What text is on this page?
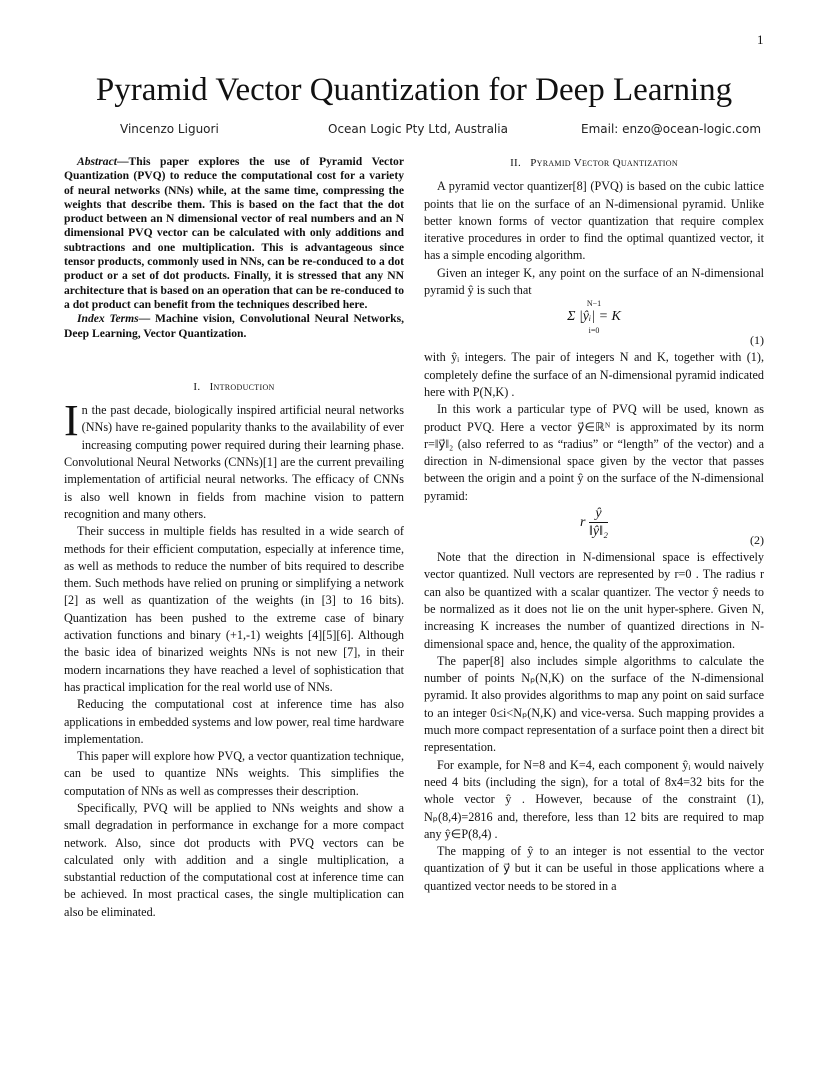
1
Pyramid Vector Quantization for Deep Learning
Vincenzo Liguori	Ocean Logic Pty Ltd, Australia	Email: enzo@ocean-logic.com

Abstract—This paper explores the use of Pyramid Vector Quantization (PVQ) to reduce the computational cost for a variety of neural networks (NNs) while, at the same time, compressing the weights that describe them. This is based on the fact that the dot product between an N dimensional vector of real numbers and an N dimensional PVQ vector can be calculated with only additions and subtractions and one multiplication. This is advantageous since tensor products, commonly used in NNs, can be re-conduced to a dot product or a set of dot products. Finally, it is stressed that any NN architecture that is based on an operation that can be re-conduced to a dot product can benefit from the techniques described here.

Index Terms— Machine vision, Convolutional Neural Networks, Deep Learning, Vector Quantization.

I. Introduction

In the past decade, biologically inspired artificial neural networks (NNs) have re-gained popularity thanks to the availability of ever increasing computing power required during their learning phase. Convolutional Neural Networks (CNNs)[1] are the current prevailing implementation of artificial neural networks. The efficacy of CNNs is also well known in fields from machine vision to pattern recognition and many others.

Their success in multiple fields has resulted in a wide search of methods for their efficient computation, especially at inference time, as well as methods to reduce the number of bits required to describe them. Such methods have relied on pruning or simplifying a network [2] as well as quantization of the weights (in [3] to 16 bits). Quantization has been pushed to the extreme case of binary activation functions and binary (+1,-1) weights [4][5][6]. Although the basic idea of binarized weights NNs is not new [7], in their modern incarnations they have reached a level of sophistication that has practical implication for the real world use of NNs.

Reducing the computational cost at inference time has also applications in embedded systems and low power, real time hardware implementation.

This paper will explore how PVQ, a vector quantization technique, can be used to quantize NNs weights. This simplifies the computation of NNs as well as compresses their description.

Specifically, PVQ will be applied to NNs weights and show a small degradation in performance in exchange for a more compact network. Also, since dot products with PVQ vectors can be calculated only with addition and a single multiplication, a substantial reduction of the computational cost at inference time can be achieved. In most practical cases, the single multiplication can also be eliminated.

II. Pyramid Vector Quantization

A pyramid vector quantizer[8] (PVQ) is based on the cubic lattice points that lie on the surface of an N-dimensional pyramid. Unlike better known forms of vector quantization that require complex iterative procedures in order to find the optimal quantized vector, it has a simple encoding algorithm.

Given an integer K, any point on the surface of an N-dimensional pyramid ŷ is such that

N−1
Σ |ŷᵢ| = K
i=0
(1)

with ŷᵢ integers. The pair of integers N and K, together with (1), completely define the surface of an N-dimensional pyramid indicated here with P(N,K) .

In this work a particular type of PVQ will be used, known as product PVQ. Here a vector y⃗∈ℝᴺ is approximated by its norm r=‖y⃗‖₂ (also referred to as “radius” or “length” of the vector) and a direction in N-dimensional space given by the vector that passes between the origin and a point ŷ on the surface of the N-dimensional pyramid:

r $\frac{ŷ}{\text{‖ŷ‖₂}}$	(2)

Note that the direction in N-dimensional space is effectively vector quantized. Null vectors are represented by r=0 . The radius r can also be quantized with a scalar quantizer. The vector ŷ needs to be normalized as it does not lie on the unit hyper-sphere. Given N, increasing K increases the number of quantized directions in N-dimensional space and, hence, the quality of the approximation.

The paper[8] also includes simple algorithms to calculate the number of points Nₚ(N,K) on the surface of the N-dimensional pyramid. It also provides algorithms to map any point on said surface to an integer 0≤i<Nₚ(N,K) and vice-versa. Such mapping provides a much more compact representation of a surface point then a direct bit representation.

For example, for N=8 and K=4, each component ŷᵢ would naively need 4 bits (including the sign), for a total of 8x4=32 bits for the whole vector ŷ . However, because of the constraint (1), Nₚ(8,4)=2816 and, therefore, less than 12 bits are required to map any ŷ∈P(8,4) .

The mapping of ŷ to an integer is not essential to the vector quantization of y⃗ but it can be useful in those applications where a quantized vector needs to be stored in a
